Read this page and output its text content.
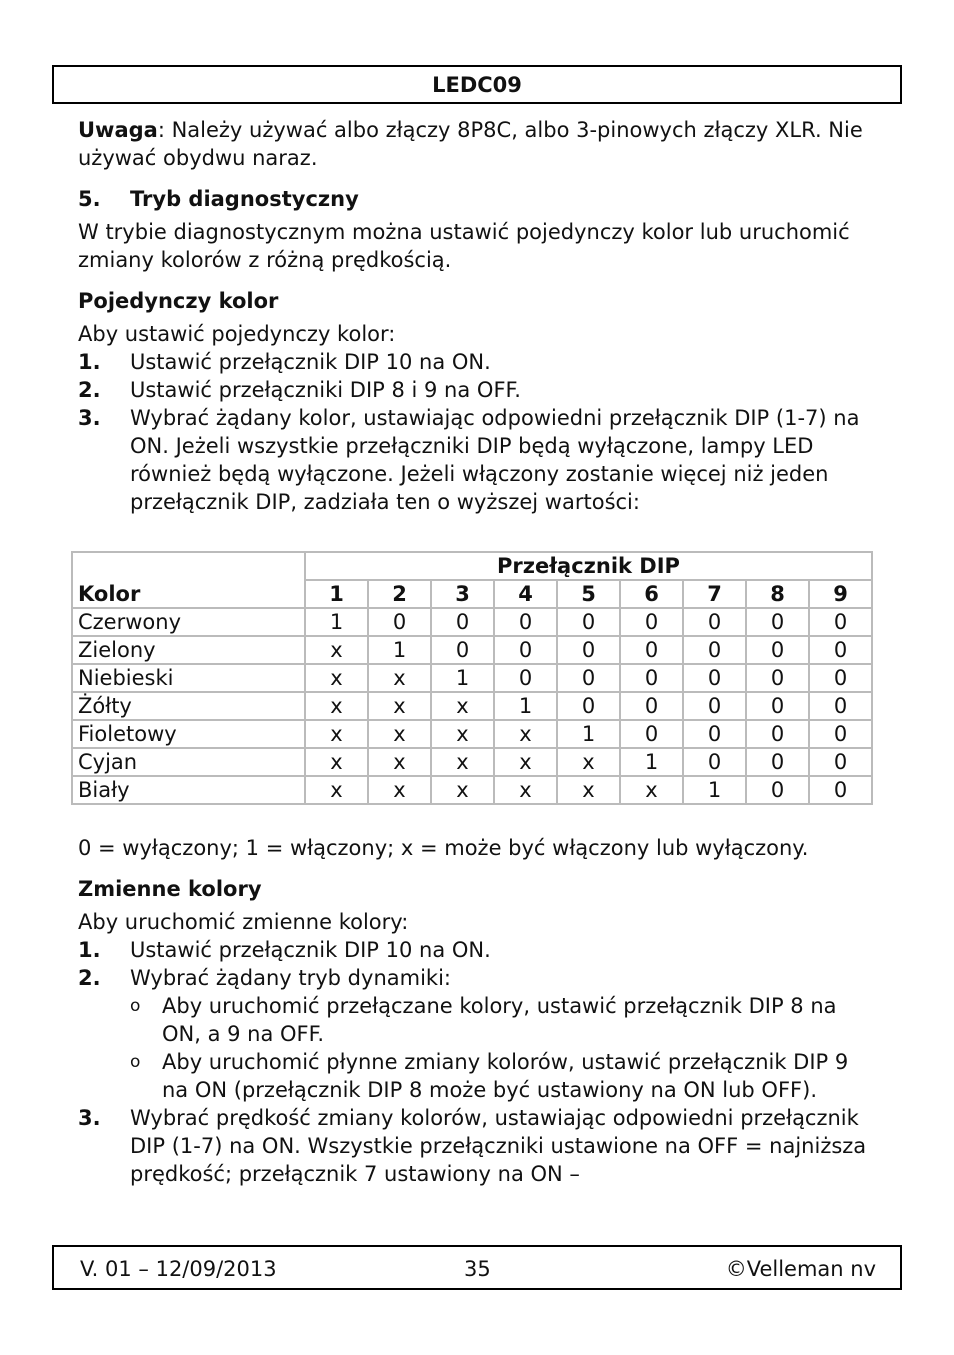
LEDC09

Uwaga: Należy używać albo złączy 8P8C, albo 3-pinowych złączy XLR. Nie używać obydwu naraz.

5. Tryb diagnostyczny

W trybie diagnostycznym można ustawić pojedynczy kolor lub uruchomić zmiany kolorów z różną prędkością.

Pojedynczy kolor

Aby ustawić pojedynczy kolor:

1. Ustawić przełącznik DIP 10 na ON.
2. Ustawić przełączniki DIP 8 i 9 na OFF.
3. Wybrać żądany kolor, ustawiając odpowiedni przełącznik DIP (1-7) na ON. Jeżeli wszystkie przełączniki DIP będą wyłączone, lampy LED również będą wyłączone. Jeżeli włączony zostanie więcej niż jeden przełącznik DIP, zadziała ten o wyższej wartości:
	Przełącznik DIP								
Kolor	1	2	3	4	5	6	7	8	9
Czerwony	1	0	0	0	0	0	0	0	0
Zielony	x	1	0	0	0	0	0	0	0
Niebieski	x	x	1	0	0	0	0	0	0
Żółty	x	x	x	1	0	0	0	0	0
Fioletowy	x	x	x	x	1	0	0	0	0
Cyjan	x	x	x	x	x	1	0	0	0
Biały	x	x	x	x	x	x	1	0	0

0 = wyłączony; 1 = włączony; x = może być włączony lub wyłączony.

Zmienne kolory

Aby uruchomić zmienne kolory:

1. Ustawić przełącznik DIP 10 na ON.
2. Wybrać żądany tryb dynamiki:
o Aby uruchomić przełączane kolory, ustawić przełącznik DIP 8 na ON, a 9 na OFF.
o Aby uruchomić płynne zmiany kolorów, ustawić przełącznik DIP 9 na ON (przełącznik DIP 8 może być ustawiony na ON lub OFF).
3. Wybrać prędkość zmiany kolorów, ustawiając odpowiedni przełącznik DIP (1-7) na ON. Wszystkie przełączniki ustawione na OFF = najniższa prędkość; przełącznik 7 ustawiony na ON –
V. 01 – 12/09/2013	35	©Velleman nv
